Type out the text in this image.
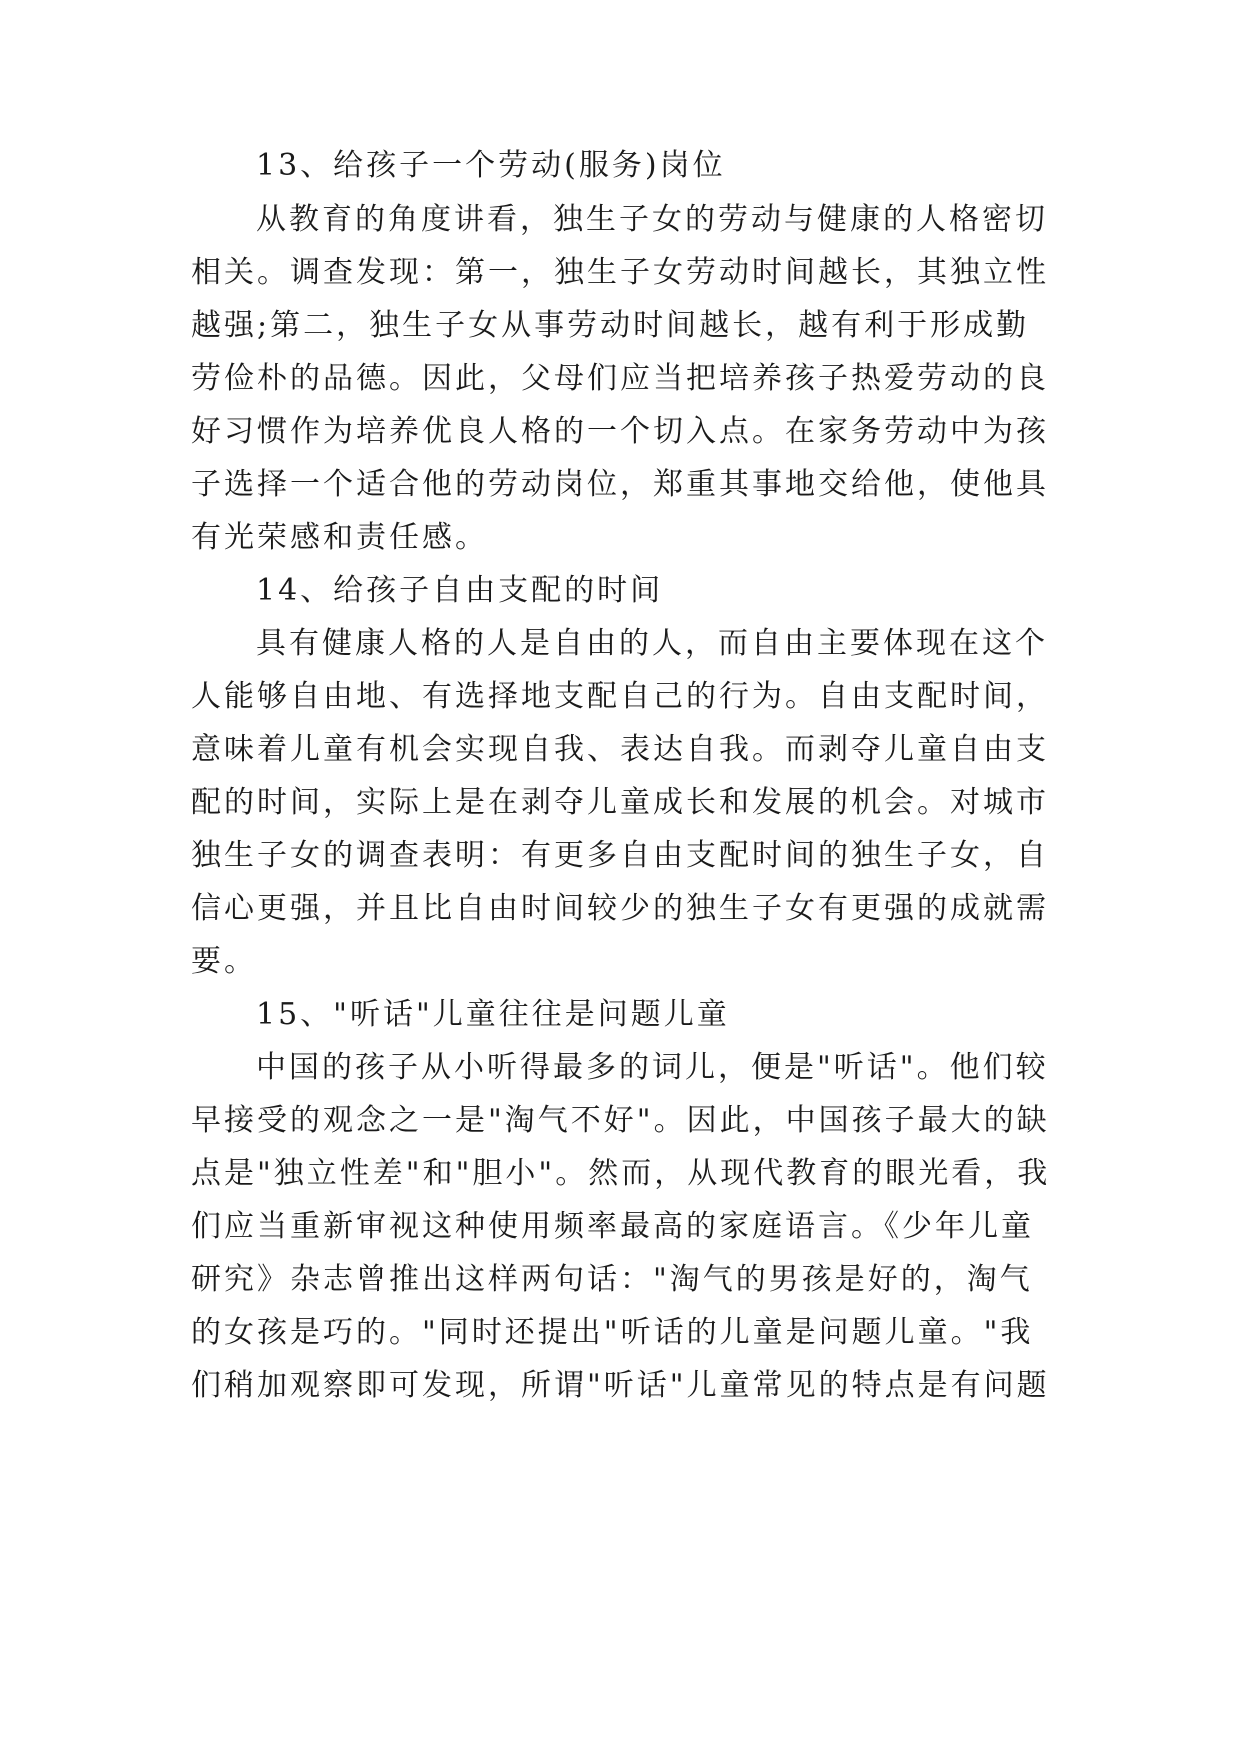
13、给孩子一个劳动(服务)岗位
从教育的角度讲看，独生子女的劳动与健康的人格密切
相关。调查发现：第一，独生子女劳动时间越长，其独立性
越强;第二，独生子女从事劳动时间越长，越有利于形成勤
劳俭朴的品德。因此，父母们应当把培养孩子热爱劳动的良
好习惯作为培养优良人格的一个切入点。在家务劳动中为孩
子选择一个适合他的劳动岗位，郑重其事地交给他，使他具
有光荣感和责任感。
14、给孩子自由支配的时间
具有健康人格的人是自由的人，而自由主要体现在这个
人能够自由地、有选择地支配自己的行为。自由支配时间，
意味着儿童有机会实现自我、表达自我。而剥夺儿童自由支
配的时间，实际上是在剥夺儿童成长和发展的机会。对城市
独生子女的调查表明：有更多自由支配时间的独生子女，自
信心更强，并且比自由时间较少的独生子女有更强的成就需
要。
15、"听话"儿童往往是问题儿童
中国的孩子从小听得最多的词儿，便是"听话"。他们较
早接受的观念之一是"淘气不好"。因此，中国孩子最大的缺
点是"独立性差"和"胆小"。然而，从现代教育的眼光看，我
们应当重新审视这种使用频率最高的家庭语言。《少年儿童
研究》杂志曾推出这样两句话："淘气的男孩是好的，淘气
的女孩是巧的。"同时还提出"听话的儿童是问题儿童。"我
们稍加观察即可发现，所谓"听话"儿童常见的特点是有问题
